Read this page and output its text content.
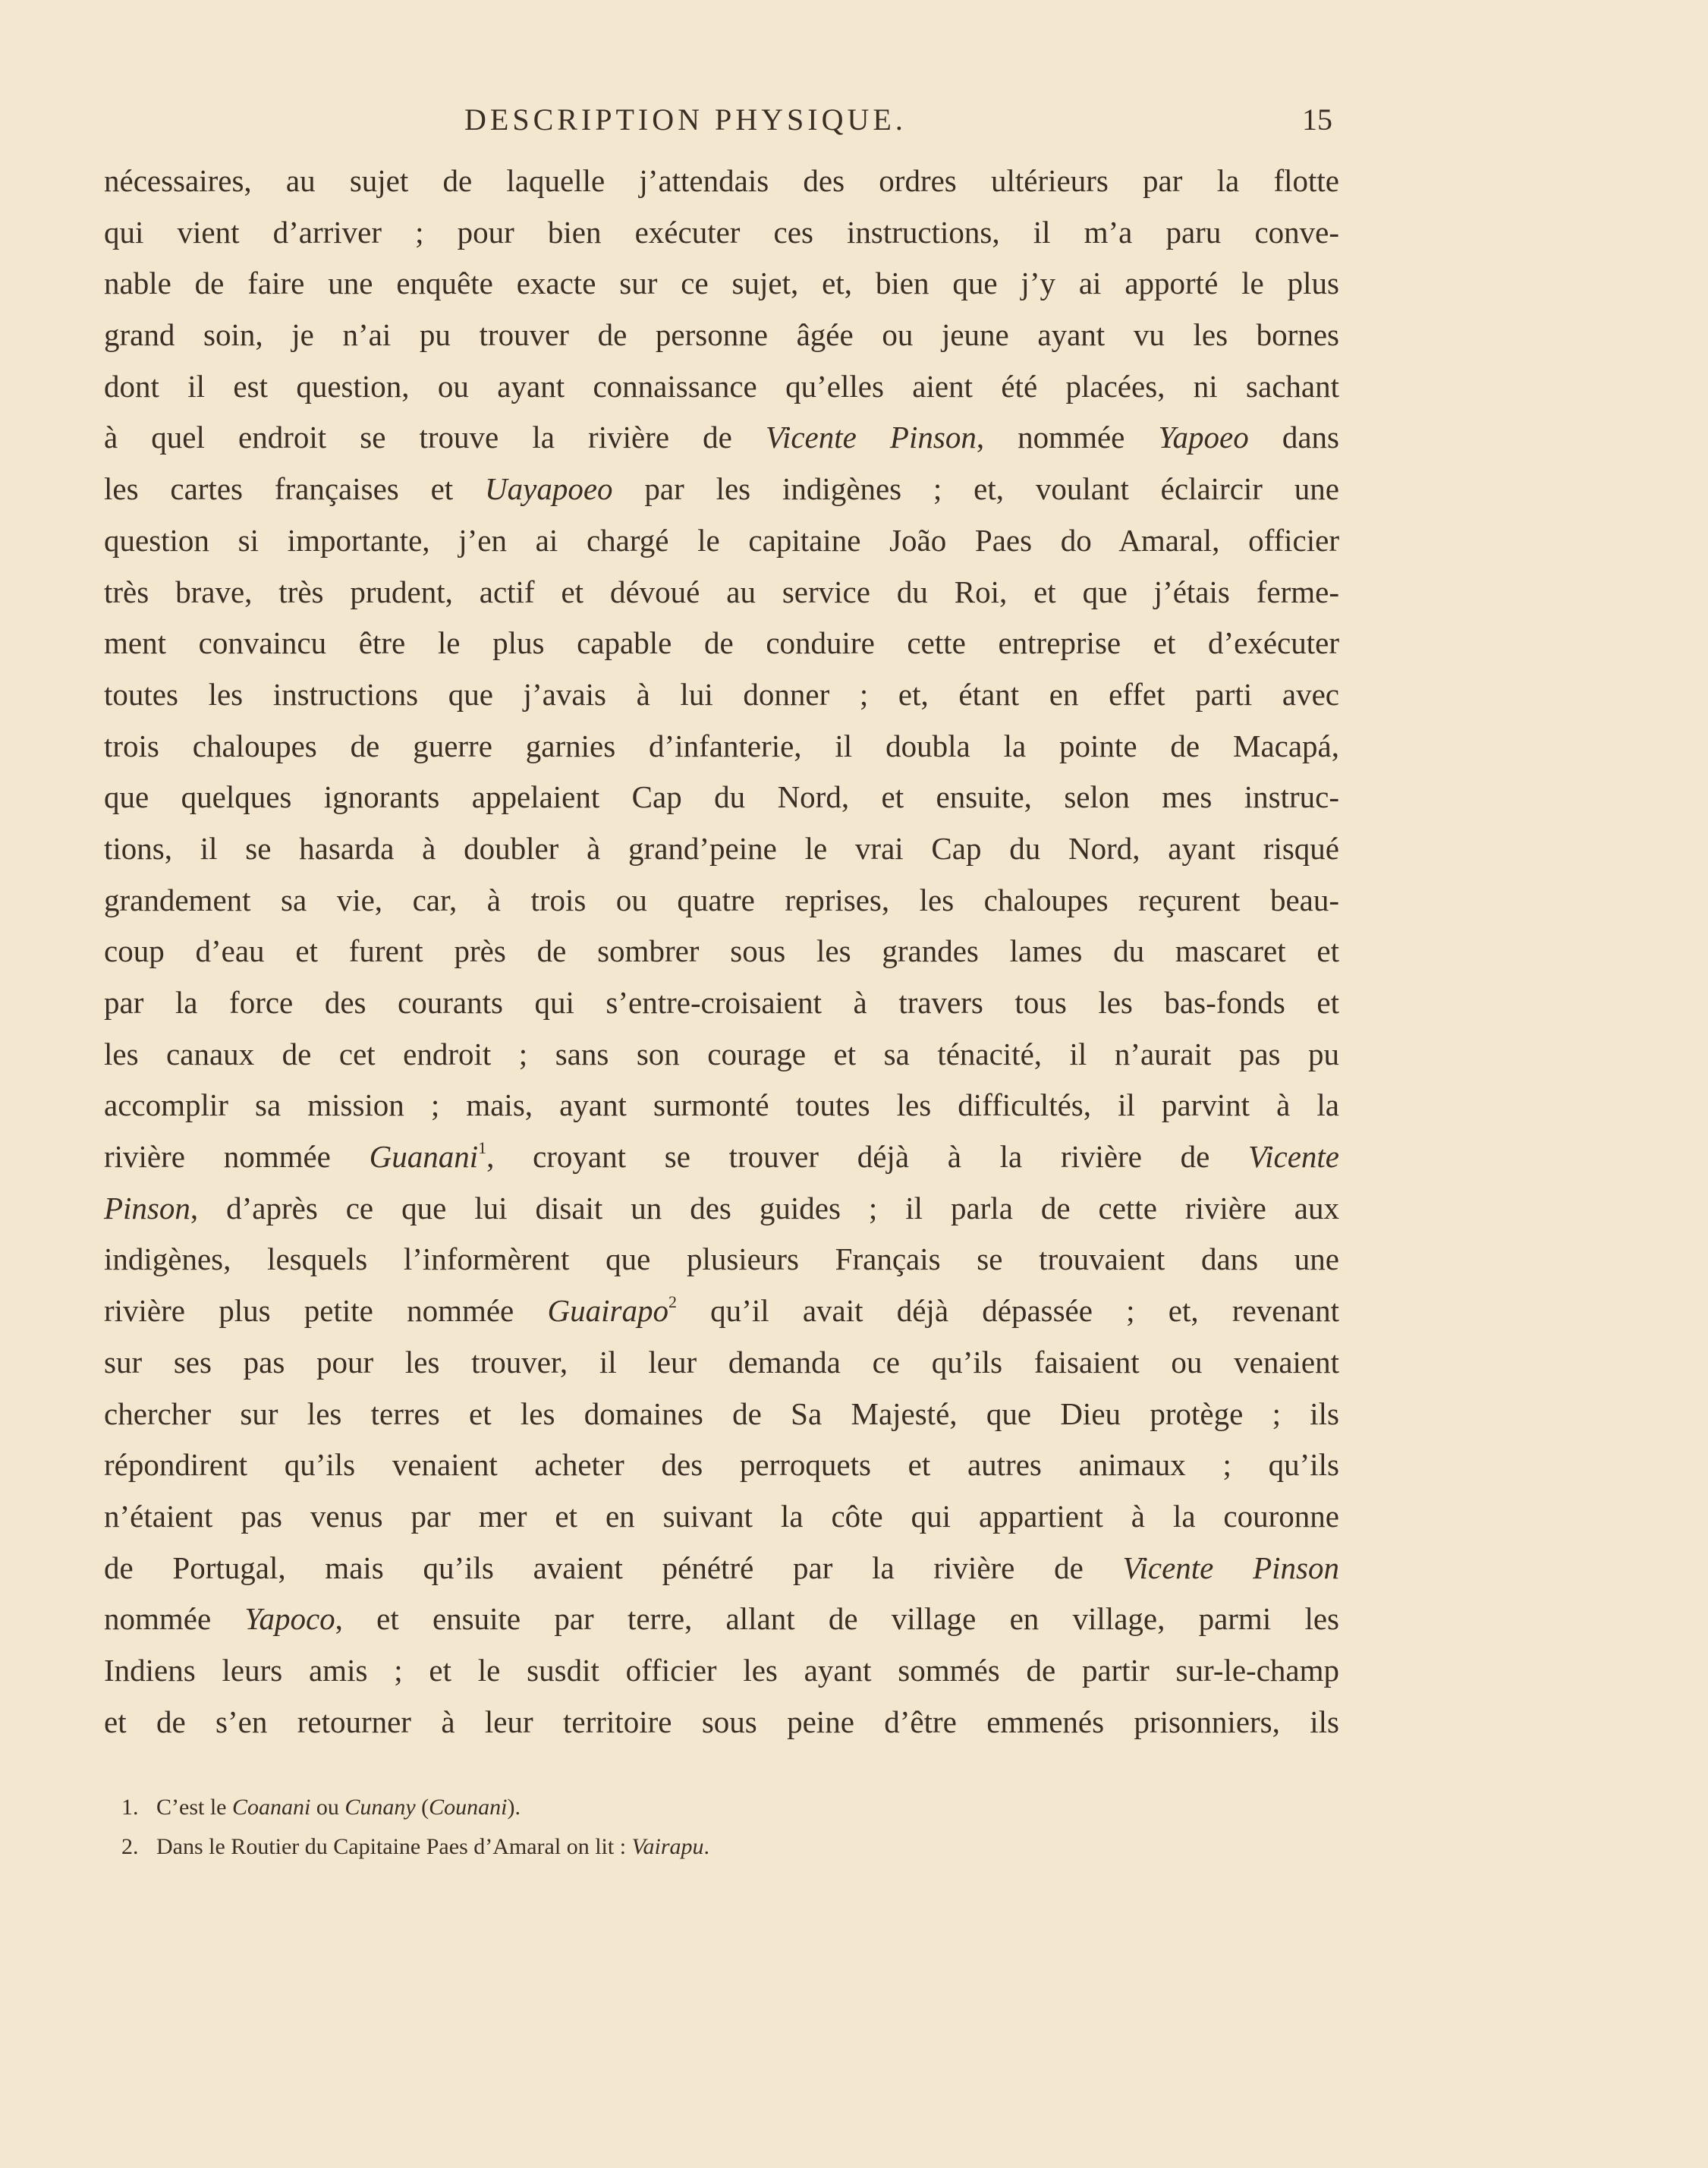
DESCRIPTION PHYSIQUE.	15
nécessaires, au sujet de laquelle j’attendais des ordres ultérieurs par la flotte
qui vient d’arriver ; pour bien exécuter ces instructions, il m’a paru conve-
nable de faire une enquête exacte sur ce sujet, et, bien que j’y ai apporté le plus
grand soin, je n’ai pu trouver de personne âgée ou jeune ayant vu les bornes
dont il est question, ou ayant connaissance qu’elles aient été placées, ni sachant
à quel endroit se trouve la rivière de Vicente Pinson, nommée Yapoeo dans
les cartes françaises et Uayapoeo par les indigènes ; et, voulant éclaircir une
question si importante, j’en ai chargé le capitaine João Paes do Amaral, officier
très brave, très prudent, actif et dévoué au service du Roi, et que j’étais ferme-
ment convaincu être le plus capable de conduire cette entreprise et d’exécuter
toutes les instructions que j’avais à lui donner ; et, étant en effet parti avec
trois chaloupes de guerre garnies d’infanterie, il doubla la pointe de Macapá,
que quelques ignorants appelaient Cap du Nord, et ensuite, selon mes instruc-
tions, il se hasarda à doubler à grand’peine le vrai Cap du Nord, ayant risqué
grandement sa vie, car, à trois ou quatre reprises, les chaloupes reçurent beau-
coup d’eau et furent près de sombrer sous les grandes lames du mascaret et
par la force des courants qui s’entre-croisaient à travers tous les bas-fonds et
les canaux de cet endroit ; sans son courage et sa ténacité, il n’aurait pas pu
accomplir sa mission ; mais, ayant surmonté toutes les difficultés, il parvint à la
rivière nommée Guanani$^1$, croyant se trouver déjà à la rivière de Vicente
Pinson, d’après ce que lui disait un des guides ; il parla de cette rivière aux
indigènes, lesquels l’informèrent que plusieurs Français se trouvaient dans une
rivière plus petite nommée Guairapo$^2$ qu’il avait déjà dépassée ; et, revenant
sur ses pas pour les trouver, il leur demanda ce qu’ils faisaient ou venaient
chercher sur les terres et les domaines de Sa Majesté, que Dieu protège ; ils
répondirent qu’ils venaient acheter des perroquets et autres animaux ; qu’ils
n’étaient pas venus par mer et en suivant la côte qui appartient à la couronne
de Portugal, mais qu’ils avaient pénétré par la rivière de Vicente Pinson
nommée Yapoco, et ensuite par terre, allant de village en village, parmi les
Indiens leurs amis ; et le susdit officier les ayant sommés de partir sur-le-champ
et de s’en retourner à leur territoire sous peine d’être emmenés prisonniers, ils
1. C’est le Coanani ou Cunany (Counani).
2. Dans le Routier du Capitaine Paes d’Amaral on lit : Vairapu.
